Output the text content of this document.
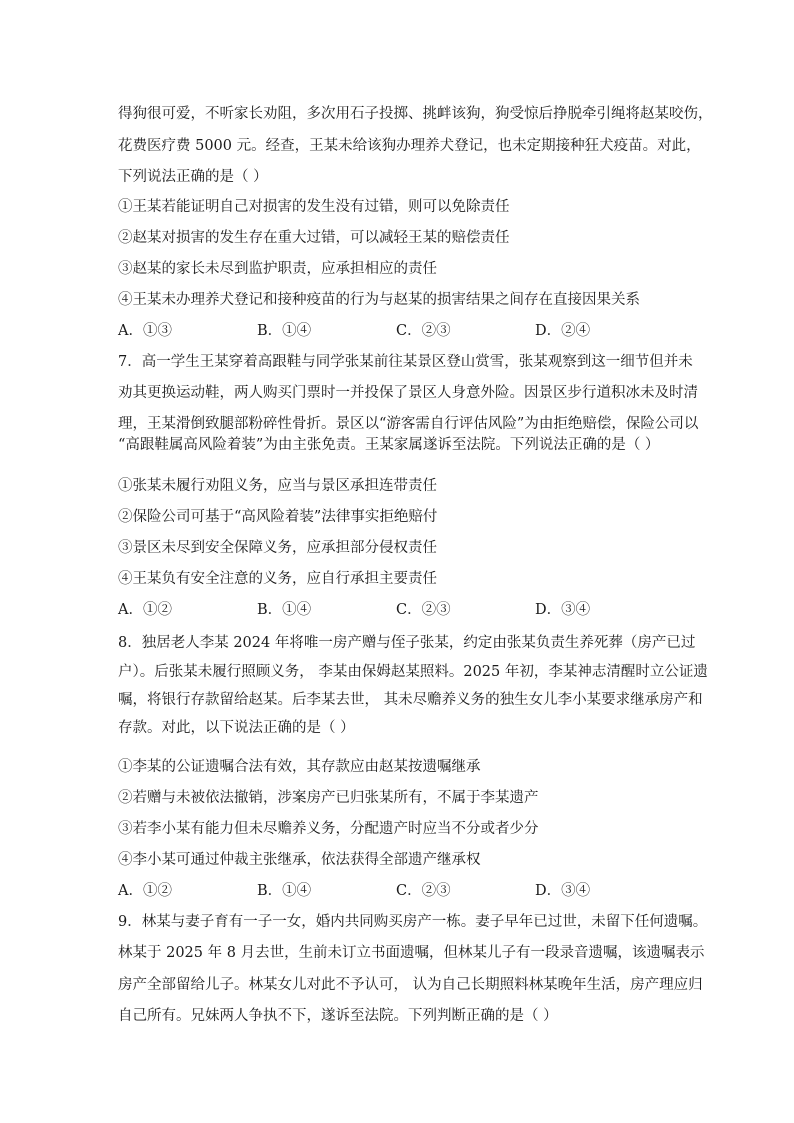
得狗很可爱，不听家长劝阻，多次用石子投掷、挑衅该狗，狗受惊后挣脱牵引绳将赵某咬伤，
花费医疗费 5000 元。经查，王某未给该狗办理养犬登记，也未定期接种狂犬疫苗。对此，
下列说法正确的是（ ）
①王某若能证明自己对损害的发生没有过错，则可以免除责任
②赵某对损害的发生存在重大过错，可以减轻王某的赔偿责任
③赵某的家长未尽到监护职责，应承担相应的责任
④王某未办理养犬登记和接种疫苗的行为与赵某的损害结果之间存在直接因果关系
A．①③	B．①④	C．②③	D．②④
7．高一学生王某穿着高跟鞋与同学张某前往某景区登山赏雪，张某观察到这一细节但并未
劝其更换运动鞋，两人购买门票时一并投保了景区人身意外险。因景区步行道积冰未及时清
理，王某滑倒致腿部粉碎性骨折。景区以“游客需自行评估风险”为由拒绝赔偿，保险公司以
“高跟鞋属高风险着装”为由主张免责。王某家属遂诉至法院。下列说法正确的是（ ）
①张某未履行劝阻义务，应当与景区承担连带责任
②保险公司可基于“高风险着装”法律事实拒绝赔付
③景区未尽到安全保障义务，应承担部分侵权责任
④王某负有安全注意的义务，应自行承担主要责任
A．①②	B．①④	C．②③	D．③④
8．独居老人李某 2024 年将唯一房产赠与侄子张某，约定由张某负责生养死葬（房产已过
户）。后张某未履行照顾义务， 李某由保姆赵某照料。2025 年初，李某神志清醒时立公证遗
嘱，将银行存款留给赵某。后李某去世， 其未尽赡养义务的独生女儿李小某要求继承房产和
存款。对此，以下说法正确的是（ ）
①李某的公证遗嘱合法有效，其存款应由赵某按遗嘱继承
②若赠与未被依法撤销，涉案房产已归张某所有，不属于李某遗产
③若李小某有能力但未尽赡养义务，分配遗产时应当不分或者少分
④李小某可通过仲裁主张继承，依法获得全部遗产继承权
A．①②	B．①④	C．②③	D．③④
9．林某与妻子育有一子一女，婚内共同购买房产一栋。妻子早年已过世，未留下任何遗嘱。
林某于 2025 年 8 月去世，生前未订立书面遗嘱，但林某儿子有一段录音遗嘱，该遗嘱表示
房产全部留给儿子。林某女儿对此不予认可， 认为自己长期照料林某晚年生活，房产理应归
自己所有。兄妹两人争执不下，遂诉至法院。下列判断正确的是（ ）
